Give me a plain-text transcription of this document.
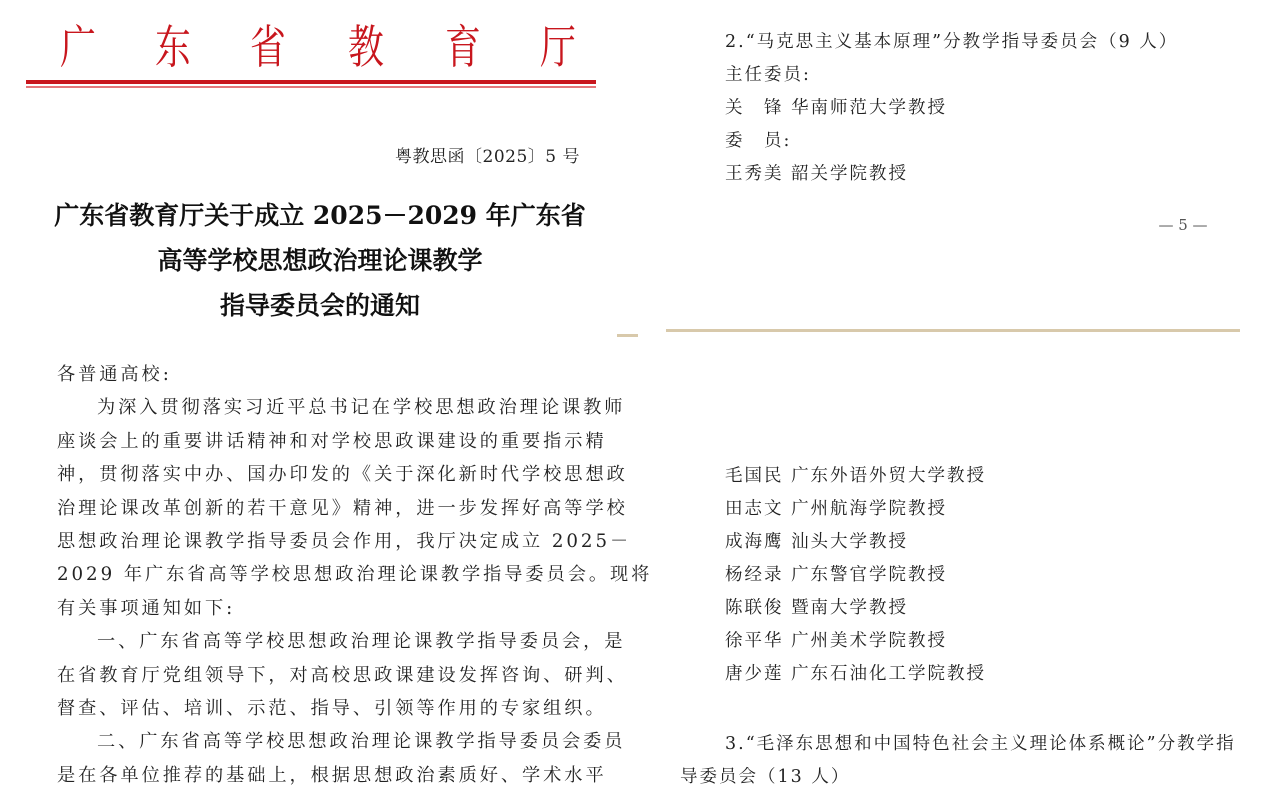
广 东 省 教 育 厅
粤教思函〔2025〕5 号
广东省教育厅关于成立 2025－2029 年广东省
高等学校思想政治理论课教学
指导委员会的通知
各普通高校:
为深入贯彻落实习近平总书记在学校思想政治理论课教师
座谈会上的重要讲话精神和对学校思政课建设的重要指示精
神，贯彻落实中办、国办印发的《关于深化新时代学校思想政
治理论课改革创新的若干意见》精神，进一步发挥好高等学校
思想政治理论课教学指导委员会作用，我厅决定成立 2025－
2029 年广东省高等学校思想政治理论课教学指导委员会。现将
有关事项通知如下:
一、广东省高等学校思想政治理论课教学指导委员会，是
在省教育厅党组领导下，对高校思政课建设发挥咨询、研判、
督查、评估、培训、示范、指导、引领等作用的专家组织。
二、广东省高等学校思想政治理论课教学指导委员会委员
是在各单位推荐的基础上，根据思想政治素质好、学术水平
2.“马克思主义基本原理”分教学指导委员会（9 人）
主任委员:
关　锋 华南师范大学教授
委　员:
王秀美 韶关学院教授
— 5 —
毛国民 广东外语外贸大学教授
田志文 广州航海学院教授
成海鹰 汕头大学教授
杨经录 广东警官学院教授
陈联俊 暨南大学教授
徐平华 广州美术学院教授
唐少莲 广东石油化工学院教授
3.“毛泽东思想和中国特色社会主义理论体系概论”分教学指
导委员会（13 人）
